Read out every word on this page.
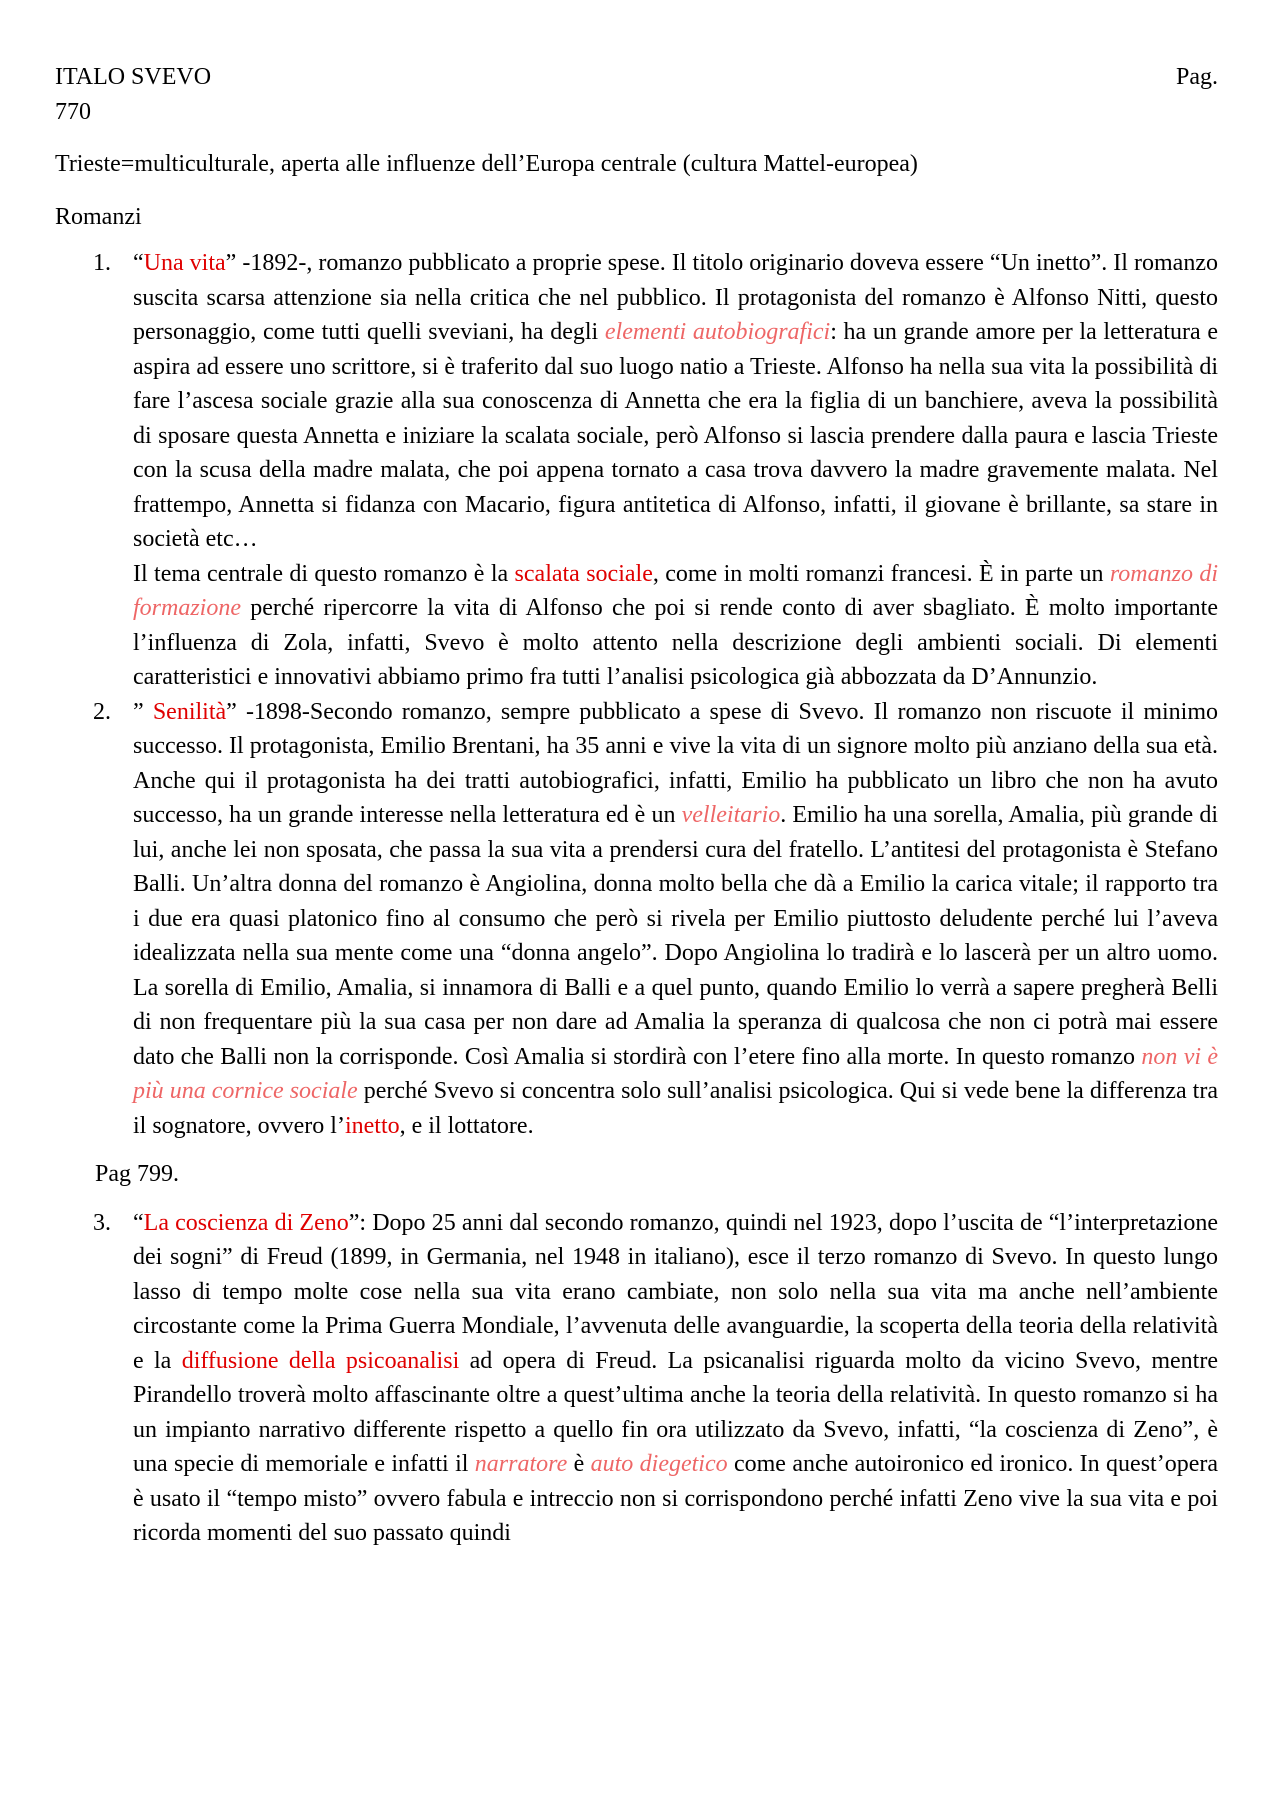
ITALO SVEVO	Pag.
770

Trieste=multiculturale, aperta alle influenze dell’Europa centrale (cultura Mattel-europea)

Romanzi

1. “Una vita” -1892-, romanzo pubblicato a proprie spese. Il titolo originario doveva essere “Un inetto”. Il romanzo suscita scarsa attenzione sia nella critica che nel pubblico. Il protagonista del romanzo è Alfonso Nitti, questo personaggio, come tutti quelli sveviani, ha degli elementi autobiografici: ha un grande amore per la letteratura e aspira ad essere uno scrittore, si è traferito dal suo luogo natio a Trieste. Alfonso ha nella sua vita la possibilità di fare l’ascesa sociale grazie alla sua conoscenza di Annetta che era la figlia di un banchiere, aveva la possibilità di sposare questa Annetta e iniziare la scalata sociale, però Alfonso si lascia prendere dalla paura e lascia Trieste con la scusa della madre malata, che poi appena tornato a casa trova davvero la madre gravemente malata. Nel frattempo, Annetta si fidanza con Macario, figura antitetica di Alfonso, infatti, il giovane è brillante, sa stare in società etc…

Il tema centrale di questo romanzo è la scalata sociale, come in molti romanzi francesi. È in parte un romanzo di formazione perché ripercorre la vita di Alfonso che poi si rende conto di aver sbagliato. È molto importante l’influenza di Zola, infatti, Svevo è molto attento nella descrizione degli ambienti sociali. Di elementi caratteristici e innovativi abbiamo primo fra tutti l’analisi psicologica già abbozzata da D’Annunzio.

2. ” Senilità” -1898-Secondo romanzo, sempre pubblicato a spese di Svevo. Il romanzo non riscuote il minimo successo. Il protagonista, Emilio Brentani, ha 35 anni e vive la vita di un signore molto più anziano della sua età. Anche qui il protagonista ha dei tratti autobiografici, infatti, Emilio ha pubblicato un libro che non ha avuto successo, ha un grande interesse nella letteratura ed è un velleitario. Emilio ha una sorella, Amalia, più grande di lui, anche lei non sposata, che passa la sua vita a prendersi cura del fratello. L’antitesi del protagonista è Stefano Balli. Un’altra donna del romanzo è Angiolina, donna molto bella che dà a Emilio la carica vitale; il rapporto tra i due era quasi platonico fino al consumo che però si rivela per Emilio piuttosto deludente perché lui l’aveva idealizzata nella sua mente come una “donna angelo”. Dopo Angiolina lo tradirà e lo lascerà per un altro uomo. La sorella di Emilio, Amalia, si innamora di Balli e a quel punto, quando Emilio lo verrà a sapere pregherà Belli di non frequentare più la sua casa per non dare ad Amalia la speranza di qualcosa che non ci potrà mai essere dato che Balli non la corrisponde. Così Amalia si stordirà con l’etere fino alla morte. In questo romanzo non vi è più una cornice sociale perché Svevo si concentra solo sull’analisi psicologica. Qui si vede bene la differenza tra il sognatore, ovvero l’inetto, e il lottatore.

Pag 799.

3. “La coscienza di Zeno”: Dopo 25 anni dal secondo romanzo, quindi nel 1923, dopo l’uscita de “l’interpretazione dei sogni” di Freud (1899, in Germania, nel 1948 in italiano), esce il terzo romanzo di Svevo. In questo lungo lasso di tempo molte cose nella sua vita erano cambiate, non solo nella sua vita ma anche nell’ambiente circostante come la Prima Guerra Mondiale, l’avvenuta delle avanguardie, la scoperta della teoria della relatività e la diffusione della psicoanalisi ad opera di Freud. La psicanalisi riguarda molto da vicino Svevo, mentre Pirandello troverà molto affascinante oltre a quest’ultima anche la teoria della relatività. In questo romanzo si ha un impianto narrativo differente rispetto a quello fin ora utilizzato da Svevo, infatti, “la coscienza di Zeno”, è una specie di memoriale e infatti il narratore è auto diegetico come anche autoironico ed ironico. In quest’opera è usato il “tempo misto” ovvero fabula e intreccio non si corrispondono perché infatti Zeno vive la sua vita e poi ricorda momenti del suo passato quindi
